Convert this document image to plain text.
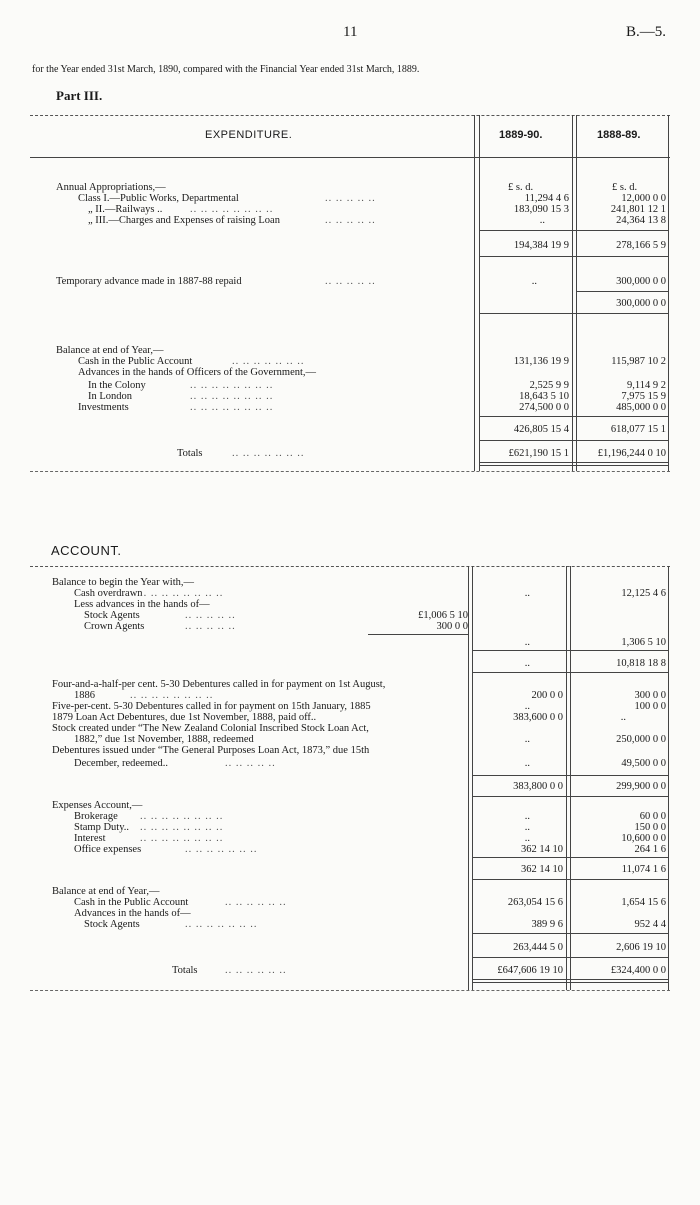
11	B.—5.
for the Year ended 31st March, 1890, compared with the Financial Year ended 31st March, 1889.
Part III.
EXPENDITURE.	1889-90.	1888-89.
£ s. d.	£ s. d.
Annual Appropriations,—
Class I.—Public Works, Departmental	.. .. .. .. ..	11,294 4 6	12,000 0 0
„ II.—Railways ..	.. .. .. .. .. .. .. ..	183,090 15 3	241,801 12 1
„ III.—Charges and Expenses of raising Loan	.. .. .. .. ..	..	24,364 13 8
194,384 19 9	278,166 5 9
Temporary advance made in 1887-88 repaid	.. .. .. .. ..	..	300,000 0 0
300,000 0 0
Balance at end of Year,—
Cash in the Public Account	.. .. .. .. .. .. ..	131,136 19 9	115,987 10 2
Advances in the hands of Officers of the Government,—
In the Colony	.. .. .. .. .. .. .. ..	2,525 9 9	9,114 9 2
In London	.. .. .. .. .. .. .. ..	18,643 5 10	7,975 15 9
Investments	.. .. .. .. .. .. .. ..	274,500 0 0	485,000 0 0
426,805 15 4	618,077 15 1
Totals	.. .. .. .. .. .. ..	£621,190 15 1	£1,196,244 0 10
ACCOUNT.
Balance to begin the Year with,—
Cash overdrawn
.. .. .. .. .. .. .. ..	..	12,125 4 6
Less advances in the hands of—
Stock Agents	.. .. .. .. ..	£1,006 5 10
Crown Agents	.. .. .. .. ..	300 0 0
..	1,306 5 10
..	10,818 18 8
Four-and-a-half-per cent. 5-30 Debentures called in for payment on 1st August,
1886	.. .. .. .. .. .. .. ..	200 0 0	300 0 0
Five-per-cent. 5-30 Debentures called in for payment on 15th January, 1885	..	100 0 0
1879 Loan Act Debentures, due 1st November, 1888, paid off..	383,600 0 0	..
Stock created under “The New Zealand Colonial Inscribed Stock Loan Act,
1882,” due 1st November, 1888, redeemed	..	250,000 0 0
Debentures issued under “The General Purposes Loan Act, 1873,” due 15th
December, redeemed..	.. .. .. .. ..	..	49,500 0 0
383,800 0 0	299,900 0 0
Expenses Account,—
Brokerage .. .. .. .. .. .. .. ..	..	60 0 0
Stamp Duty.. .. .. .. .. .. .. .. ..	..	150 0 0
Interest	.. .. .. .. .. .. .. ..	..	10,600 0 0
Office expenses	.. .. .. .. .. .. ..	362 14 10	264 1 6
362 14 10	11,074 1 6
Balance at end of Year,—
Cash in the Public Account	.. .. .. .. .. ..	263,054 15 6	1,654 15 6
Advances in the hands of—
Stock Agents	.. .. .. .. .. .. ..	389 9 6	952 4 4
263,444 5 0	2,606 19 10
Totals	.. .. .. .. .. ..	£647,606 19 10	£324,400 0 0
